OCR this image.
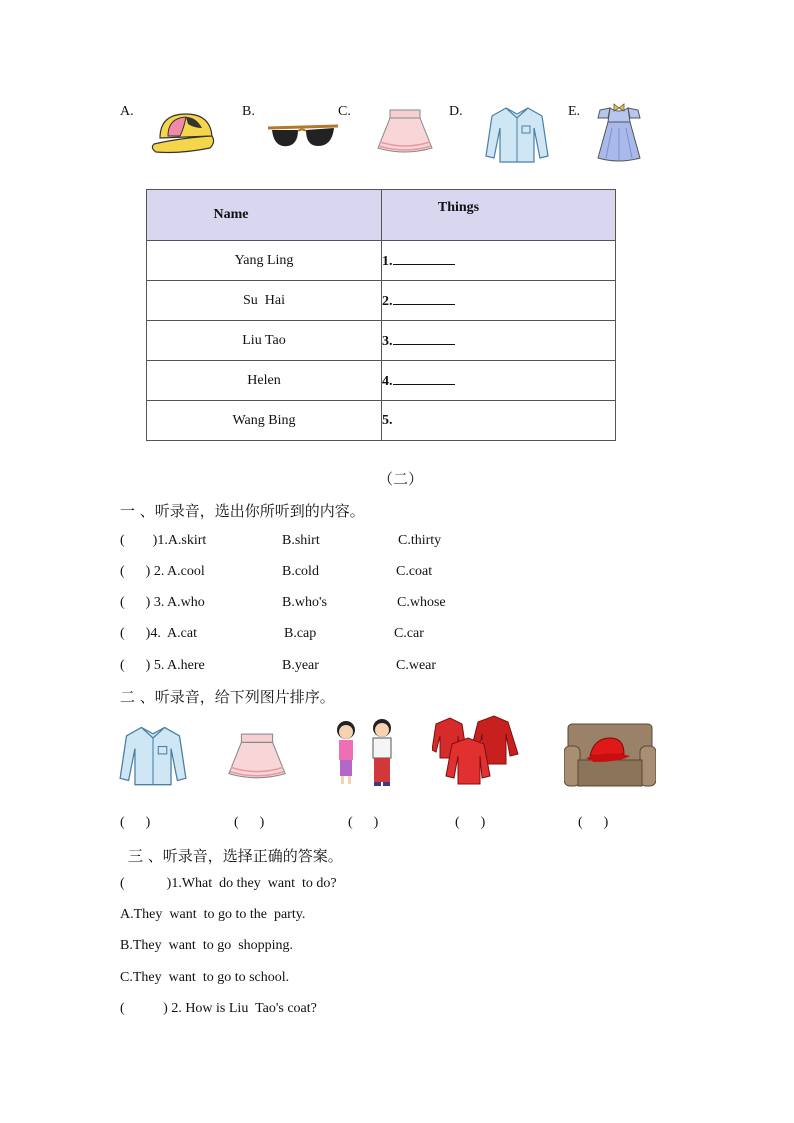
A.	B.	C.	D.	E.
Name	Things
Yang Ling	1.
Su  Hai	2.
Liu Tao	3.
Helen	4.
Wang Bing	5.
（二）
一 、听录音，选出你所听到的内容。
(        )1.A.skirt	B.shirt	C.thirty
(      ) 2. A.cool	B.cold	C.coat
(      ) 3. A.who	B.who's	C.whose
(      )4.  A.cat	B.cap	C.car
(      ) 5. A.here	B.year	C.wear
二 、听录音，给下列图片排序。
(      )	(      )	(      )	(      )	(      )
三 、听录音，选择正确的答案。
(            )1.What  do they  want  to do?
A.They  want  to go to the  party.
B.They  want  to go  shopping.
C.They  want  to go to school.
(           ) 2. How is Liu  Tao's coat?
